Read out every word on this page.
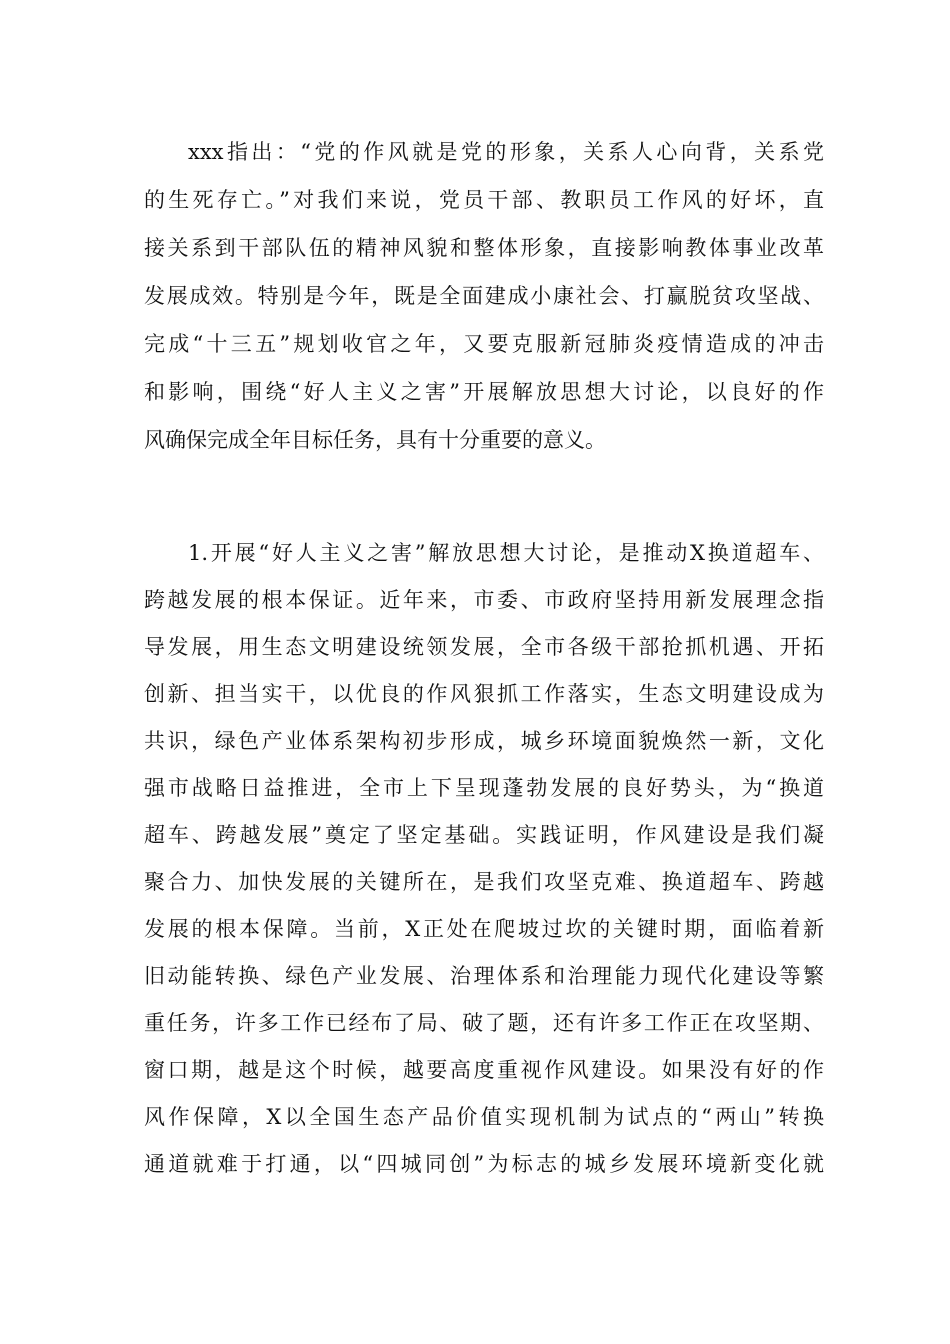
xxx指出：“党的作风就是党的形象，关系人心向背，关系党
的生死存亡。”对我们来说，党员干部、教职员工作风的好坏，直
接关系到干部队伍的精神风貌和整体形象，直接影响教体事业改革
发展成效。特别是今年，既是全面建成小康社会、打赢脱贫攻坚战、
完成“十三五”规划收官之年，又要克服新冠肺炎疫情造成的冲击
和影响，围绕“好人主义之害”开展解放思想大讨论，以良好的作
风确保完成全年目标任务，具有十分重要的意义。
1.开展“好人主义之害”解放思想大讨论，是推动X换道超车、
跨越发展的根本保证。近年来，市委、市政府坚持用新发展理念指
导发展，用生态文明建设统领发展，全市各级干部抢抓机遇、开拓
创新、担当实干，以优良的作风狠抓工作落实，生态文明建设成为
共识，绿色产业体系架构初步形成，城乡环境面貌焕然一新，文化
强市战略日益推进，全市上下呈现蓬勃发展的良好势头，为“换道
超车、跨越发展”奠定了坚定基础。实践证明，作风建设是我们凝
聚合力、加快发展的关键所在，是我们攻坚克难、换道超车、跨越
发展的根本保障。当前，X正处在爬坡过坎的关键时期，面临着新
旧动能转换、绿色产业发展、治理体系和治理能力现代化建设等繁
重任务，许多工作已经布了局、破了题，还有许多工作正在攻坚期、
窗口期，越是这个时候，越要高度重视作风建设。如果没有好的作
风作保障，X以全国生态产品价值实现机制为试点的“两山”转换
通道就难于打通，以“四城同创”为标志的城乡发展环境新变化就
